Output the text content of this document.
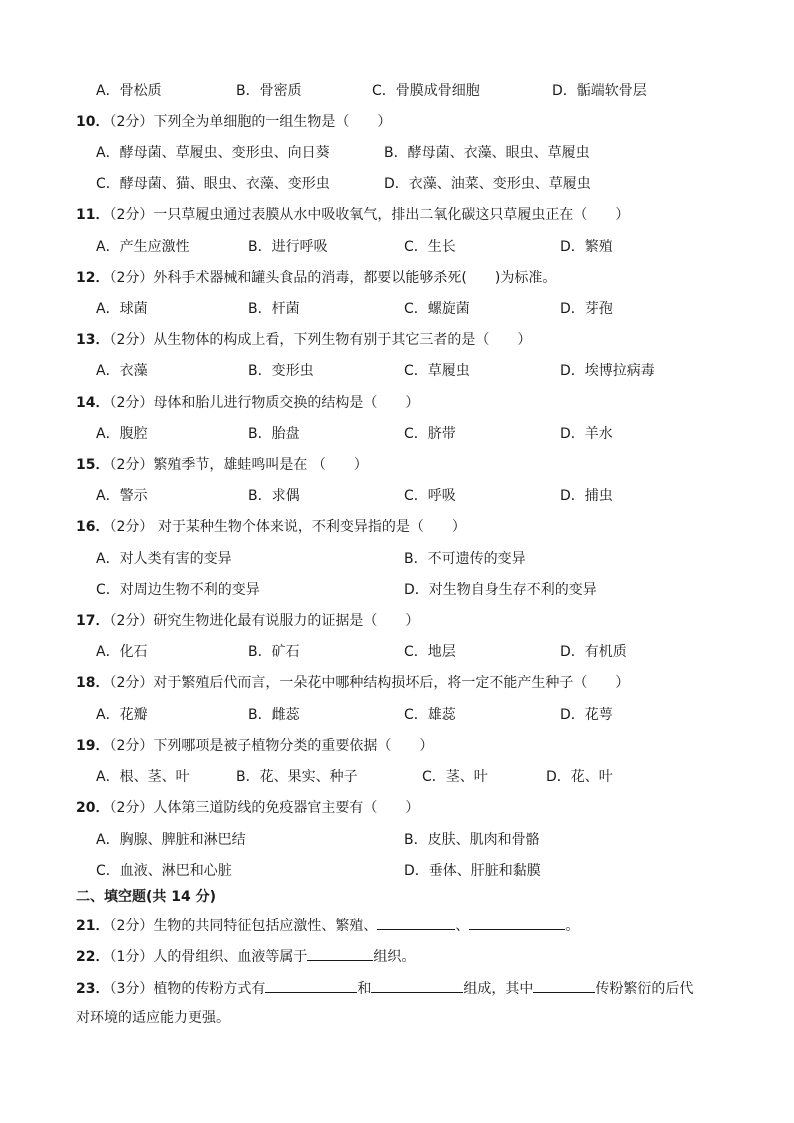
A．骨松质	B．骨密质	C．骨膜成骨细胞	D．骺端软骨层
10．（2分）下列全为单细胞的一组生物是（　　）
A．酵母菌、草履虫、变形虫、向日葵	B．酵母菌、衣藻、眼虫、草履虫
C．酵母菌、猫、眼虫、衣藻、变形虫	D．衣藻、油菜、变形虫、草履虫
11．（2分）一只草履虫通过表膜从水中吸收氧气，排出二氧化碳这只草履虫正在（　　）
A．产生应激性	B．进行呼吸	C．生长	D．繁殖
12．（2分）外科手术器械和罐头食品的消毒，都要以能够杀死(　　)为标准。
A．球菌	B．杆菌	C．螺旋菌	D．芽孢
13．（2分）从生物体的构成上看，下列生物有别于其它三者的是（　　）
A．衣藻	B．变形虫	C．草履虫	D．埃博拉病毒
14．（2分）母体和胎儿进行物质交换的结构是（　　）
A．腹腔	B．胎盘	C．脐带	D．羊水
15．（2分）繁殖季节，雄蛙鸣叫是在 （　　）
A．警示	B．求偶	C．呼吸	D．捕虫
16．（2分） 对于某种生物个体来说，不利变异指的是（　　）
A．对人类有害的变异	B．不可遗传的变异
C．对周边生物不利的变异	D．对生物自身生存不利的变异
17．（2分）研究生物进化最有说服力的证据是（　　）
A．化石	B．矿石	C．地层	D．有机质
18．（2分）对于繁殖后代而言，一朵花中哪种结构损坏后，将一定不能产生种子（　　）
A．花瓣	B．雌蕊	C．雄蕊	D．花萼
19．（2分）下列哪项是被子植物分类的重要依据（　　）
A．根、茎、叶	B．花、果实、种子	C．茎、叶	D．花、叶
20．（2分）人体第三道防线的免疫器官主要有（　　）
A．胸腺、脾脏和淋巴结	B．皮肤、肌肉和骨骼
C．血液、淋巴和心脏	D．垂体、肝脏和黏膜
二、填空题(共 14 分)
21．（2分）生物的共同特征包括应激性、繁殖、	、	。
22．（1分）人的骨组织、血液等属于	组织。
23．（3分）植物的传粉方式有	和	组成，其中	传粉繁衍的后代
对环境的适应能力更强。
